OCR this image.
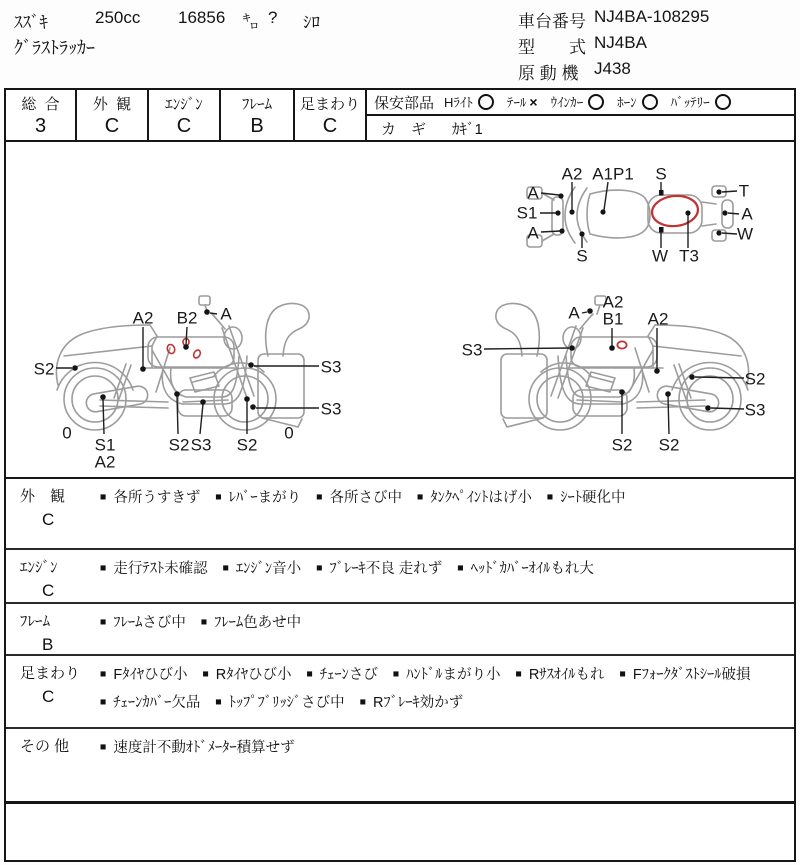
ｽｽﾞｷ	250cc 16856 ㌔ ? ｼﾛ
ｸﾞﾗｽﾄﾗｯｶｰ
車台番号 NJ4BA-108295
型　　式 NJ4BA
原 動 機 J438
総  合
3
外  観
C
ｴﾝｼﾞﾝ
C
ﾌﾚｰﾑ
B
足まわり
C
保安部品 Hﾗｲﾄ	ﾃｰﾙ × ｳｲﾝｶｰ	ﾎｰﾝ	ﾊﾞｯﾃﾘｰ
カ　ギ ｶｷﾞ1
A2 A1P1 S
A
S1
A
S	W T3
T
A
W
A2 B2 A
S2	S3
S3
0
S1
A2
S2 S3 S2
0
A2
B1
A	A2
S3
S2
S3
S2 S2
外　観
C
■ 各所うすきず ■ ﾚﾊﾞｰまがり ■ 各所さび中 ■ ﾀﾝｸﾍﾟｲﾝﾄはげ小 ■ ｼｰﾄ硬化中
ｴﾝｼﾞﾝ
C
■ 走行ﾃｽﾄ未確認 ■ ｴﾝｼﾞﾝ音小 ■ ﾌﾞﾚｰｷ不良 走れず ■ ﾍｯﾄﾞｶﾊﾞｰｵｲﾙもれ大
ﾌﾚｰﾑ
B
■ ﾌﾚｰﾑさび中 ■ ﾌﾚｰﾑ色あせ中
足まわり
C
■ Fﾀｲﾔひび小 ■ Rﾀｲﾔひび小 ■ ﾁｪｰﾝさび ■ ﾊﾝﾄﾞﾙまがり小 ■ Rｻｽｵｲﾙもれ ■ Fﾌｫｰｸﾀﾞｽﾄｼｰﾙ破損■ ﾁｪｰﾝｶﾊﾞｰ欠品 ■ ﾄｯﾌﾟﾌﾞﾘｯｼﾞさび中 ■ Rﾌﾞﾚｰｷ効かず
その 他	■ 速度計不動ｵﾄﾞﾒｰﾀｰ積算せず
